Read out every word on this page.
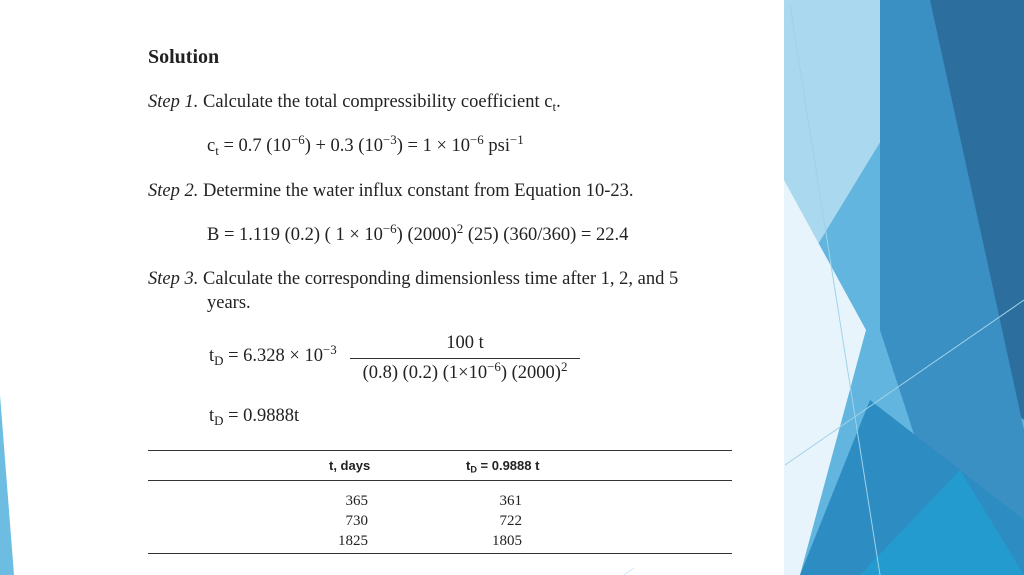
Solution
Step 1. Calculate the total compressibility coefficient $c_t$.
$c_t = 0.7$ $(10^{-6}) + 0.3$ $(10^{-3}) = 1 \times 10^{-6}$ psi$^{-1}$
Step 2. Determine the water influx constant from Equation 10-23.
B = 1.119 (0.2) ( $1 \times 10^{-6}$) $(2000)^2$ (25) (360/360) = 22.4
Step 3. Calculate the corresponding dimensionless time after 1, 2, and 5
years.
$t_D = 6.328 \times 10^{-3}$	100 t
(0.8) (0.2) $(1\times 10^{-6})$ $(2000)^2$
$t_D = 0.9888t$
t, days	$t_D = 0.9888$ t
365	361
730	722
1825	1805
